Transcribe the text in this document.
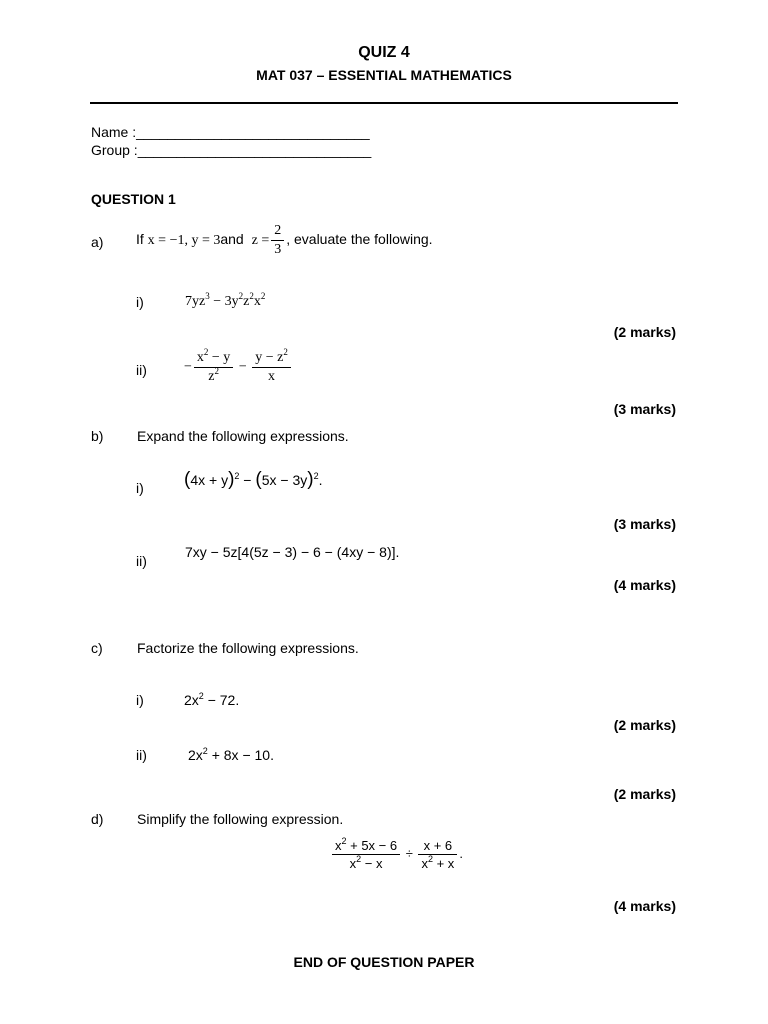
QUIZ 4
MAT 037 – ESSENTIAL MATHEMATICS
Name :______________________________
Group :______________________________
QUESTION 1
a) If x = −1, y = 3and $z = \frac{2}{3}$ , evaluate the following.
i)	$7yz^3 - 3y^2z^2x^2$
(2 marks)
ii)	− $\frac{x^2 - y}{z^2} - \frac{y - z^2}{x}$
(3 marks)
b) Expand the following expressions.
i) $(4x + y)^2 - (5x - 3y)^2$.
(3 marks)
ii)
7xy − 5z[4(5z − 3) − 6 − (4xy − 8)].
(4 marks)
c) Factorize the following expressions.
i)	$2x^2 - 72$.
(2 marks)
ii)	$2x^2 + 8x - 10$.
(2 marks)
d) Simplify the following expression.
$\frac{x^2 + 5x - 6}{x^2 - x} \div \frac{x + 6}{x^2 + x}$ .
(4 marks)
END OF QUESTION PAPER
